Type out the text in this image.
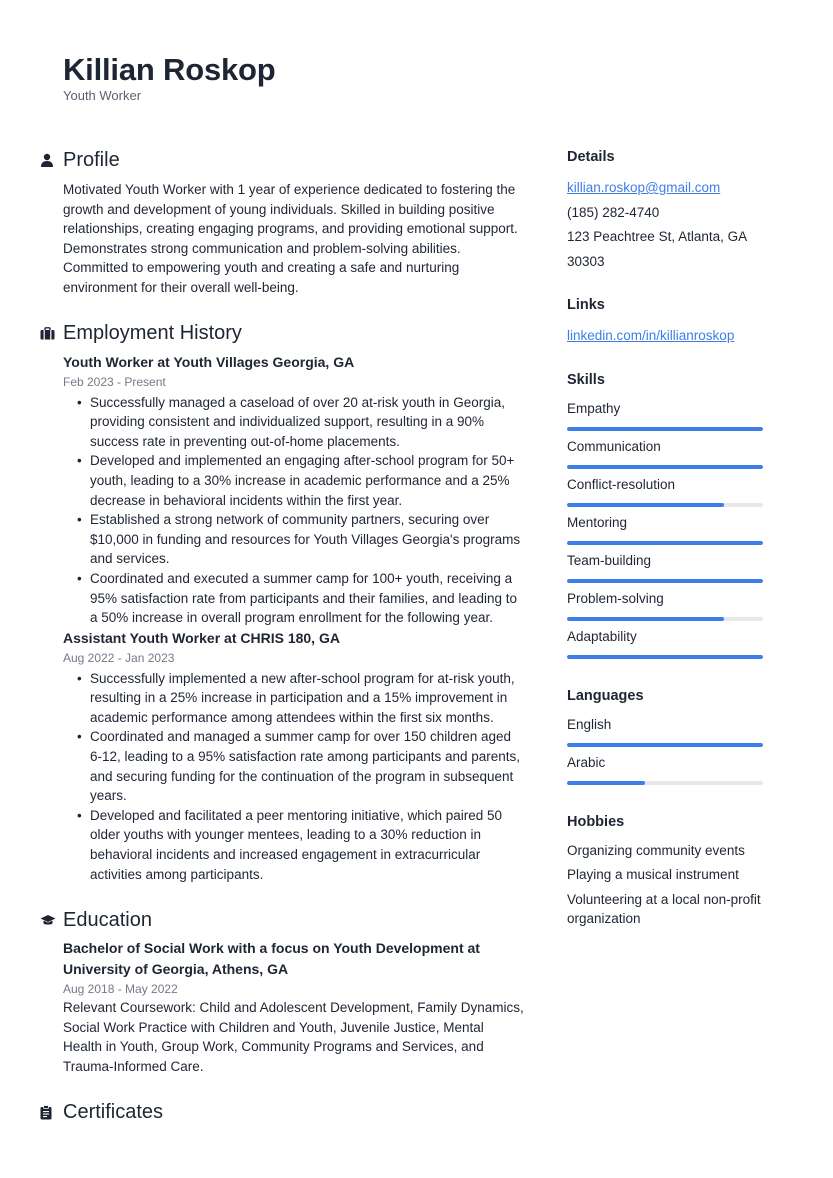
Killian Roskop
Youth Worker
Profile
Motivated Youth Worker with 1 year of experience dedicated to fostering the growth and development of young individuals. Skilled in building positive relationships, creating engaging programs, and providing emotional support. Demonstrates strong communication and problem-solving abilities. Committed to empowering youth and creating a safe and nurturing environment for their overall well-being.
Employment History
Youth Worker at Youth Villages Georgia, GA
Feb 2023 - Present
• Successfully managed a caseload of over 20 at-risk youth in Georgia, providing consistent and individualized support, resulting in a 90% success rate in preventing out-of-home placements.
• Developed and implemented an engaging after-school program for 50+ youth, leading to a 30% increase in academic performance and a 25% decrease in behavioral incidents within the first year.
• Established a strong network of community partners, securing over $10,000 in funding and resources for Youth Villages Georgia's programs and services.
• Coordinated and executed a summer camp for 100+ youth, receiving a 95% satisfaction rate from participants and their families, and leading to a 50% increase in overall program enrollment for the following year.
Assistant Youth Worker at CHRIS 180, GA
Aug 2022 - Jan 2023
• Successfully implemented a new after-school program for at-risk youth, resulting in a 25% increase in participation and a 15% improvement in academic performance among attendees within the first six months.
• Coordinated and managed a summer camp for over 150 children aged 6-12, leading to a 95% satisfaction rate among participants and parents, and securing funding for the continuation of the program in subsequent years.
• Developed and facilitated a peer mentoring initiative, which paired 50 older youths with younger mentees, leading to a 30% reduction in behavioral incidents and increased engagement in extracurricular activities among participants.
Education
Bachelor of Social Work with a focus on Youth Development at University of Georgia, Athens, GA
Aug 2018 - May 2022
Relevant Coursework: Child and Adolescent Development, Family Dynamics, Social Work Practice with Children and Youth, Juvenile Justice, Mental Health in Youth, Group Work, Community Programs and Services, and Trauma-Informed Care.
Certificates
Details
killian.roskop@gmail.com
(185) 282-4740
123 Peachtree St, Atlanta, GA 30303
Links
linkedin.com/in/killianroskop
Skills
Empathy
Communication
Conflict-resolution
Mentoring
Team-building
Problem-solving
Adaptability
Languages
English
Arabic
Hobbies
Organizing community events
Playing a musical instrument
Volunteering at a local non-profit organization
